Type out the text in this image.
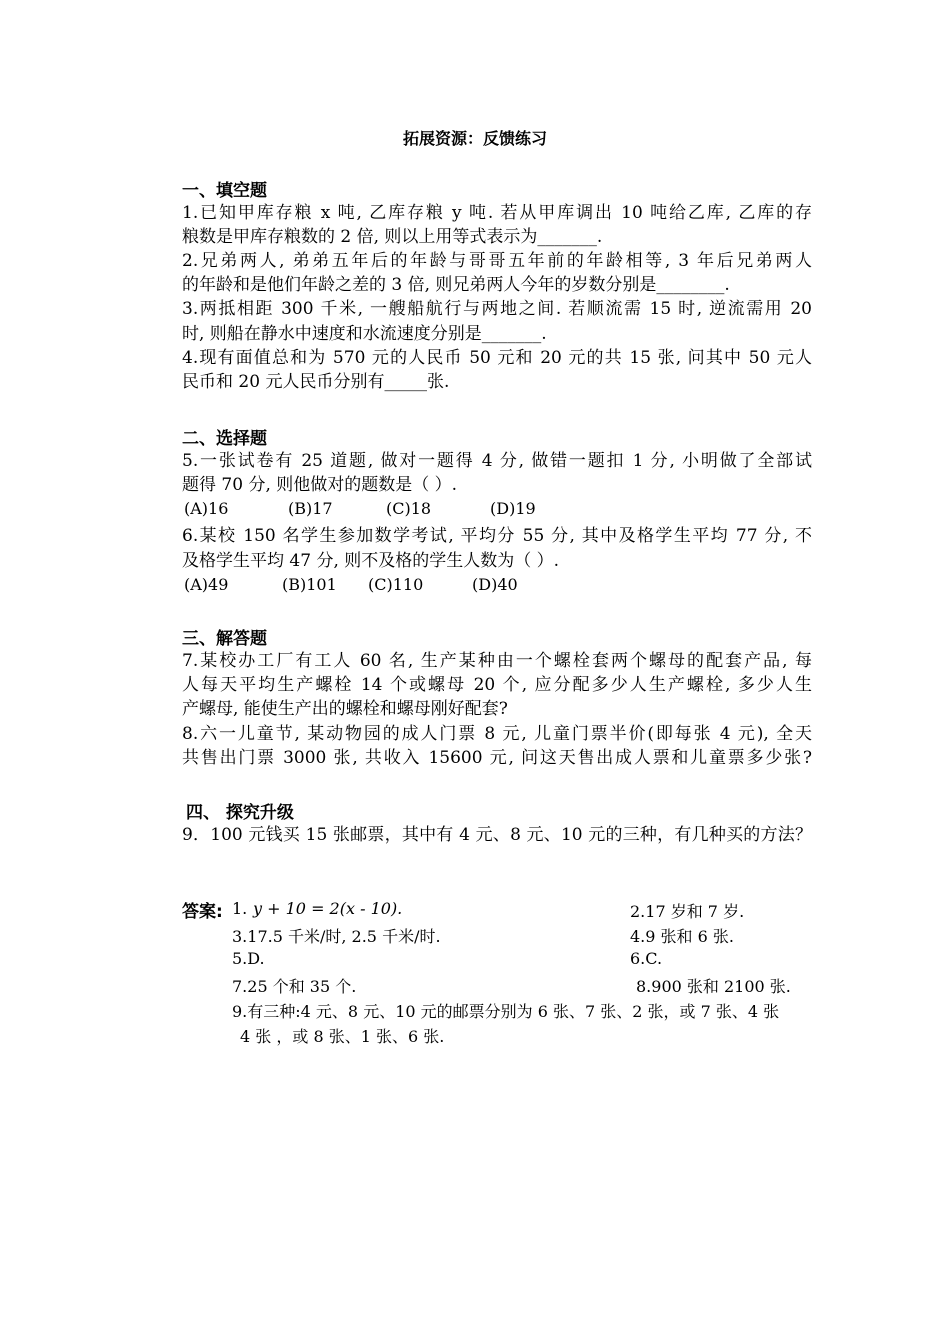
拓展资源：反馈练习
一、填空题
1.已知甲库存粮 x 吨, 乙库存粮 y 吨. 若从甲库调出 10 吨给乙库, 乙库的存
粮数是甲库存粮数的 2 倍, 则以上用等式表示为_______.
2.兄弟两人, 弟弟五年后的年龄与哥哥五年前的年龄相等, 3 年后兄弟两人
的年龄和是他们年龄之差的 3 倍, 则兄弟两人今年的岁数分别是________.
3.两抵相距 300 千米, 一艘船航行与两地之间. 若顺流需 15 时, 逆流需用 20
时, 则船在静水中速度和水流速度分别是_______.
4.现有面值总和为 570 元的人民币 50 元和 20 元的共 15 张, 问其中 50 元人
民币和 20 元人民币分别有_____张.
二、选择题
5.一张试卷有 25 道题, 做对一题得 4 分, 做错一题扣 1 分, 小明做了全部试
题得 70 分, 则他做对的题数是（ ）.
(A)16	(B)17	(C)18	(D)19
6.某校 150 名学生参加数学考试, 平均分 55 分, 其中及格学生平均 77 分, 不
及格学生平均 47 分, 则不及格的学生人数为（ ）.
(A)49	(B)101 (C)110	(D)40
三、解答题
7.某校办工厂有工人 60 名, 生产某种由一个螺栓套两个螺母的配套产品, 每
人每天平均生产螺栓 14 个或螺母 20 个, 应分配多少人生产螺栓, 多少人生
产螺母, 能使生产出的螺栓和螺母刚好配套?
8.六一儿童节, 某动物园的成人门票 8 元, 儿童门票半价(即每张 4 元), 全天
共售出门票 3000 张, 共收入 15600 元, 问这天售出成人票和儿童票多少张?
四、 探究升级
9．100 元钱买 15 张邮票，其中有 4 元、8 元、10 元的三种，有几种买的方法？
答案: 1. y + 10 = 2(x - 10).	2.17 岁和 7 岁.
3.17.5 千米/时, 2.5 千米/时.	4.9 张和 6 张.
5.D.	6.C.
7.25 个和 35 个.	8.900 张和 2100 张.
9.有三种:4 元、8 元、10 元的邮票分别为 6 张、7 张、2 张，或 7 张、4 张
4 张 ，或 8 张、1 张、6 张.
